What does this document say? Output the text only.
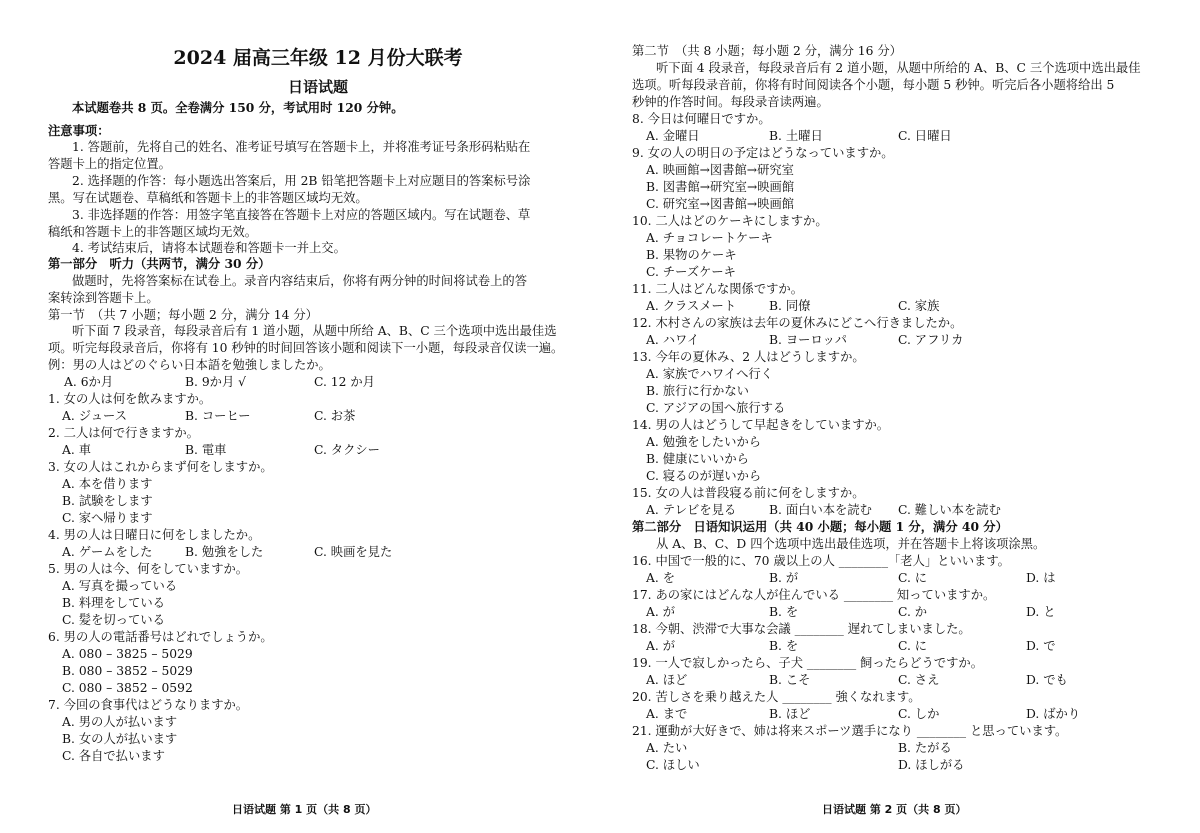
2024 届高三年级 12 月份大联考
日语试题
本试题卷共 8 页。全卷满分 150 分，考试用时 120 分钟。
注意事项：
1. 答题前，先将自己的姓名、准考证号填写在答题卡上，并将准考证号条形码粘贴在
答题卡上的指定位置。
2. 选择题的作答：每小题选出答案后，用 2B 铅笔把答题卡上对应题目的答案标号涂
黑。写在试题卷、草稿纸和答题卡上的非答题区域均无效。
3. 非选择题的作答：用签字笔直接答在答题卡上对应的答题区域内。写在试题卷、草
稿纸和答题卡上的非答题区域均无效。
4. 考试结束后，请将本试题卷和答题卡一并上交。
第一部分　听力（共两节，满分 30 分）
做题时，先将答案标在试卷上。录音内容结束后，你将有两分钟的时间将试卷上的答
案转涂到答题卡上。
第一节　（共 7 小题；每小题 2 分，满分 14 分）
听下面 7 段录音，每段录音后有 1 道小题，从题中所给 A、B、C 三个选项中选出最佳选
项。听完每段录音后，你将有 10 秒钟的时间回答该小题和阅读下一小题，每段录音仅读一遍。
例：男の人はどのぐらい日本語を勉強しましたか。
A. 6か月	B. 9か月 √	C. 12 か月
1. 女の人は何を飲みますか。
A. ジュース	B. コーヒー	C. お茶
2. 二人は何で行きますか。
A. 車	B. 電車	C. タクシー
3. 女の人はこれからまず何をしますか。
A. 本を借ります
B. 試験をします
C. 家へ帰ります
4. 男の人は日曜日に何をしましたか。
A. ゲームをした	B. 勉強をした	C. 映画を見た
5. 男の人は今、何をしていますか。
A. 写真を撮っている
B. 料理をしている
C. 髪を切っている
6. 男の人の電話番号はどれでしょうか。
A. 080 – 3825 – 5029
B. 080 – 3852 – 5029
C. 080 – 3852 – 0592
7. 今回の食事代はどうなりますか。
A. 男の人が払います
B. 女の人が払います
C. 各自で払います
日语试题 第 1 页（共 8 页）
第二节　（共 8 小题；每小题 2 分，满分 16 分）
听下面 4 段录音，每段录音后有 2 道小题，从题中所给的 A、B、C 三个选项中选出最佳
选项。听每段录音前，你将有时间阅读各个小题，每小题 5 秒钟。听完后各小题将给出 5
秒钟的作答时间。每段录音读两遍。
8. 今日は何曜日ですか。
A. 金曜日	B. 土曜日	C. 日曜日
9. 女の人の明日の予定はどうなっていますか。
A. 映画館→図書館→研究室
B. 図書館→研究室→映画館
C. 研究室→図書館→映画館
10. 二人はどのケーキにしますか。
A. チョコレートケーキ
B. 果物のケーキ
C. チーズケーキ
11. 二人はどんな関係ですか。
A. クラスメート	B. 同僚	C. 家族
12. 木村さんの家族は去年の夏休みにどこへ行きましたか。
A. ハワイ	B. ヨーロッパ	C. アフリカ
13. 今年の夏休み、2 人はどうしますか。
A. 家族でハワイへ行く
B. 旅行に行かない
C. アジアの国へ旅行する
14. 男の人はどうして早起きをしていますか。
A. 勉強をしたいから
B. 健康にいいから
C. 寝るのが遅いから
15. 女の人は普段寝る前に何をしますか。
A. テレビを見る	B. 面白い本を読む C. 難しい本を読む
第二部分　日语知识运用（共 40 小题；每小题 1 分，满分 40 分）
从 A、B、C、D 四个选项中选出最佳选项，并在答题卡上将该项涂黑。
16. 中国で一般的に、70 歳以上の人 ________「老人」といいます。
A. を	B. が	C. に	D. は
17. あの家にはどんな人が住んでいる ________ 知っていますか。
A. が	B. を	C. か	D. と
18. 今朝、渋滞で大事な会議 ________ 遅れてしまいました。
A. が	B. を	C. に	D. で
19. 一人で寂しかったら、子犬 ________ 飼ったらどうですか。
A. ほど	B. こそ	C. さえ	D. でも
20. 苦しさを乗り越えた人 ________ 強くなれます。
A. まで	B. ほど	C. しか	D. ばかり
21. 運動が大好きで、姉は将来スポーツ選手になり ________ と思っています。
A. たい	B. たがる
C. ほしい	D. ほしがる
日语试题 第 2 页（共 8 页）
